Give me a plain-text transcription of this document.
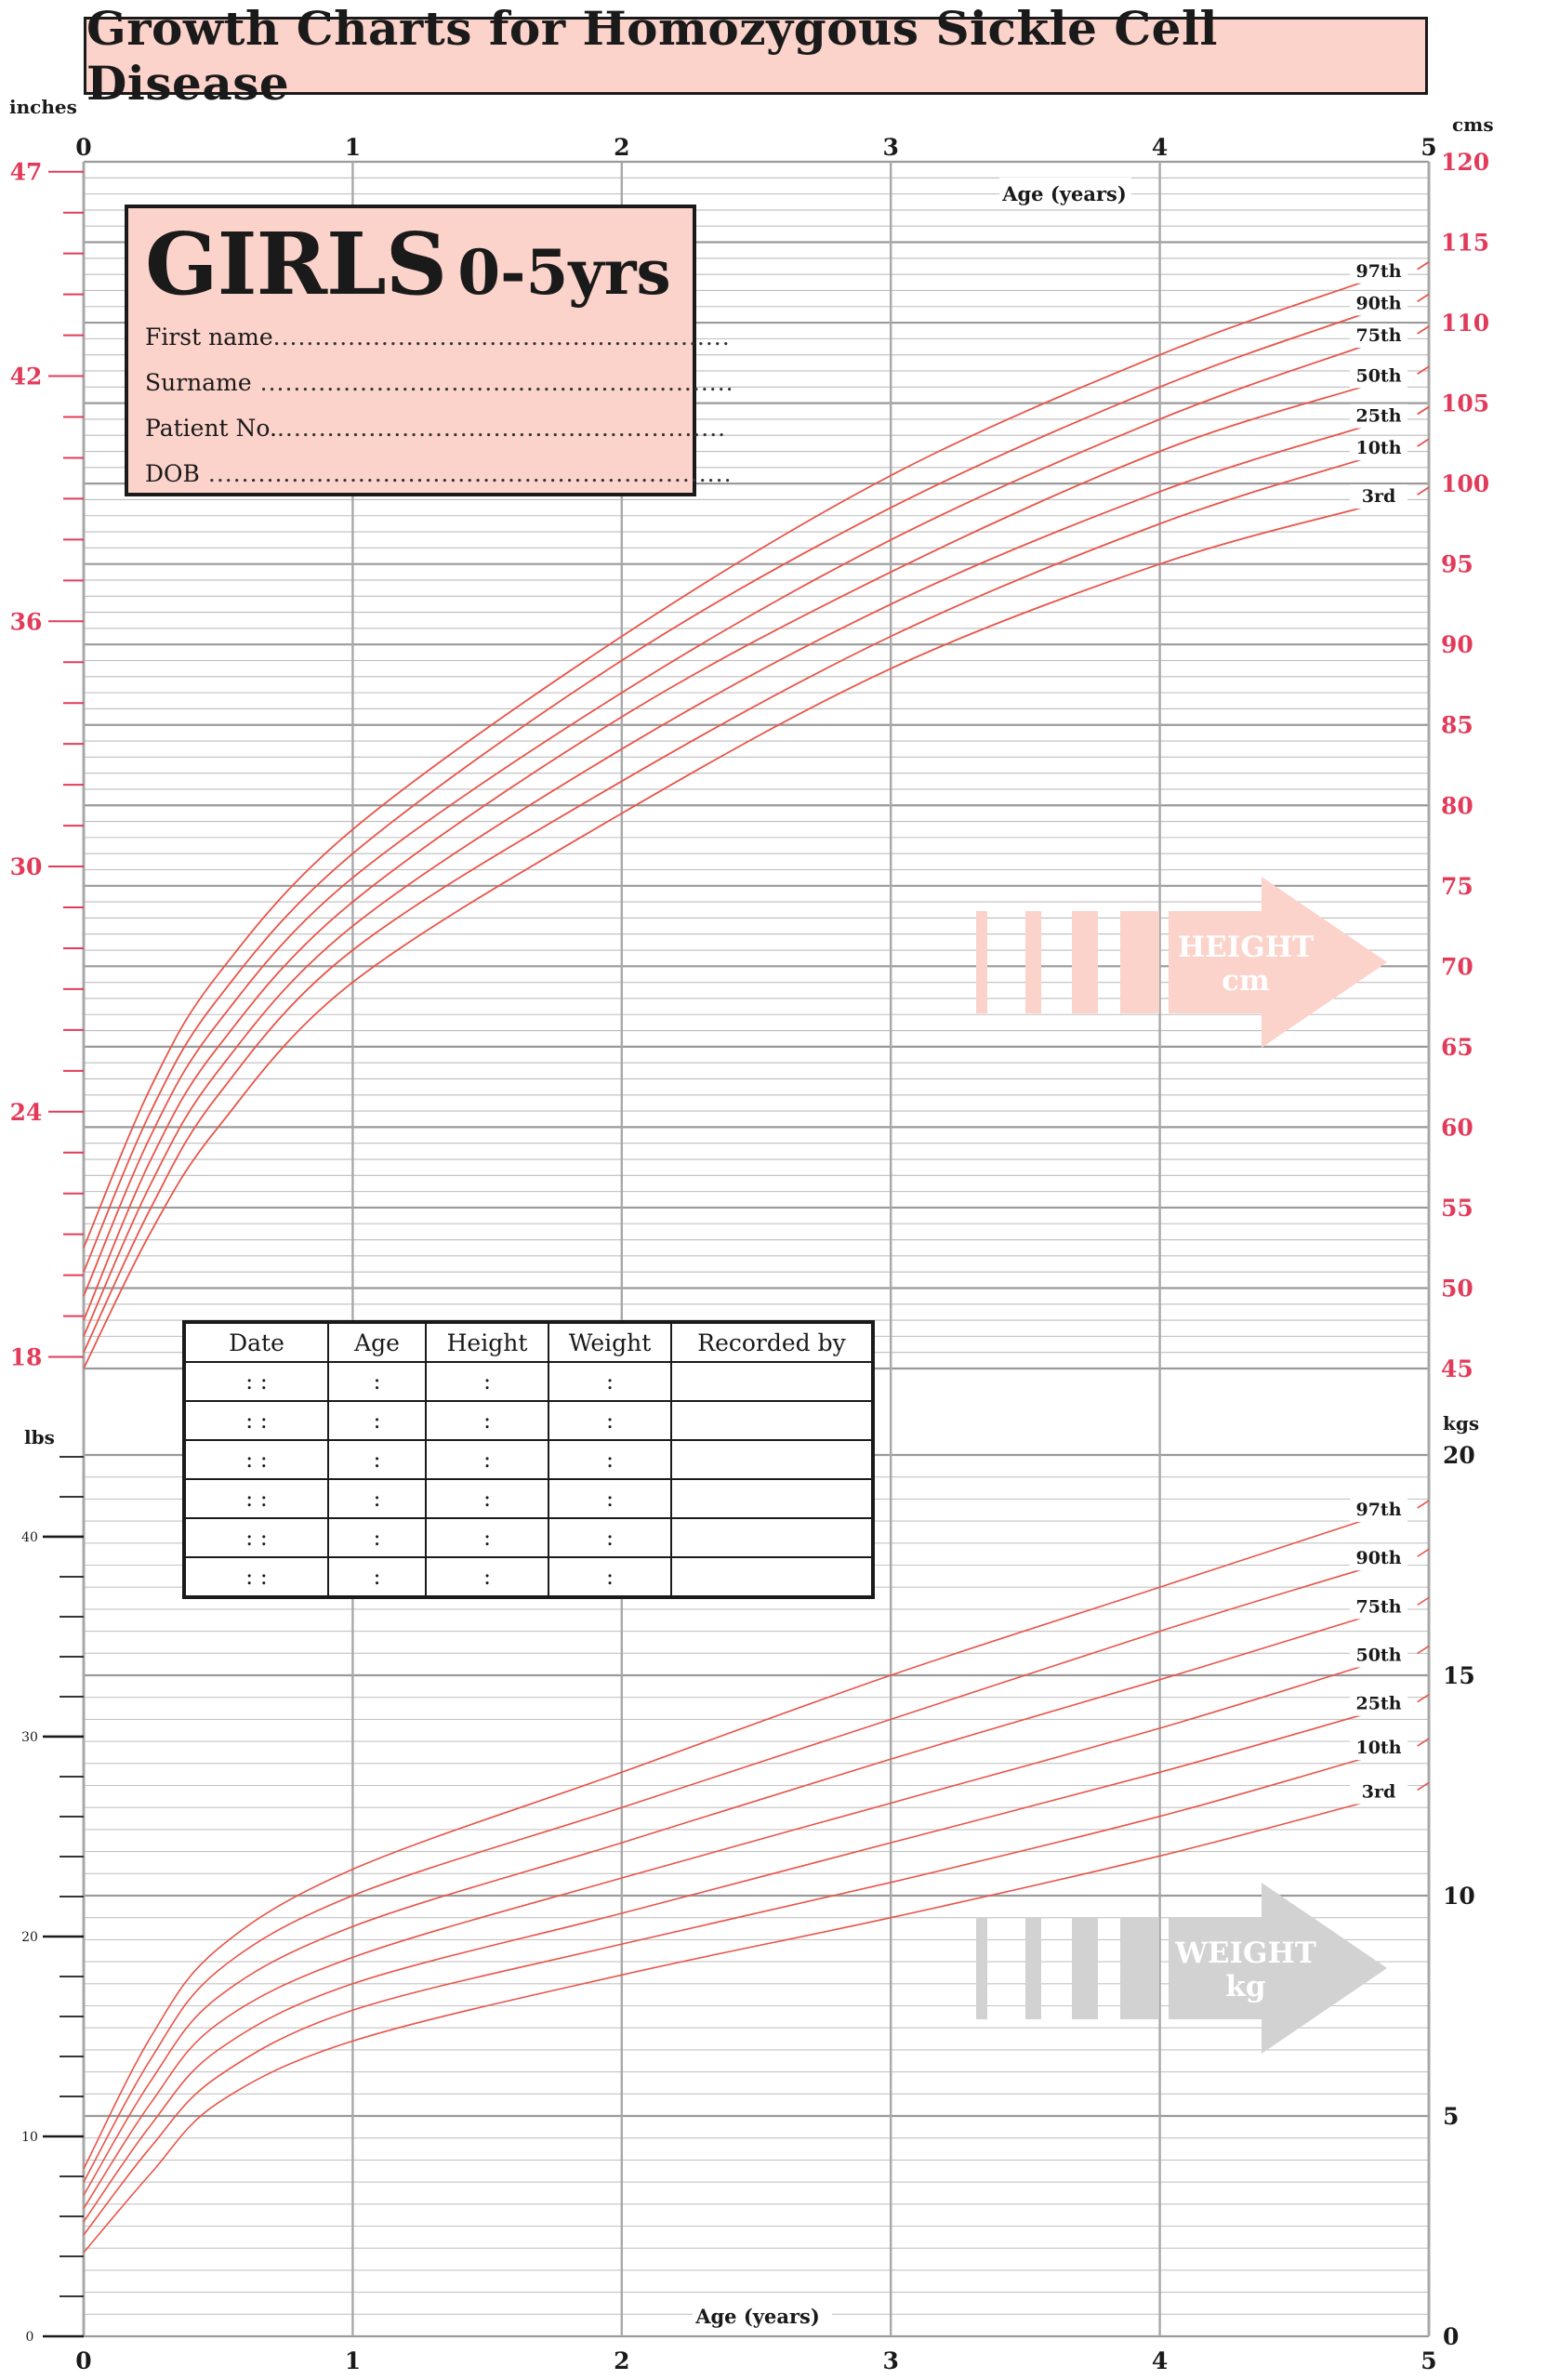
HEIGHT
cm
WEIGHT
kg
97th
90th
75th
50th
25th
10th
3rd
97th
90th
75th
50th
25th
10th
3rd
18
24
30
36
42
47
45
50
55
60
65
70
75
80
85
90
95
100
105
110
115
120
inches
cms
0	1	2	3	4	5
Age (years)
0
10
20
30
40
0
5
10
15
20
lbs
kgs
0	1	2	3	4	5
Age (years)
Growth Charts for Homozygous Sickle Cell Disease
GIRLS 0-5yrs
First name.......................................................
Surname .........................................................
Patient No.......................................................
DOB ...............................................................
Date	Age	Height	Weight	Recorded by
: :	:	:	:	
: :	:	:	:	
: :	:	:	:	
: :	:	:	:	
: :	:	:	:	
: :	:	:	:	
